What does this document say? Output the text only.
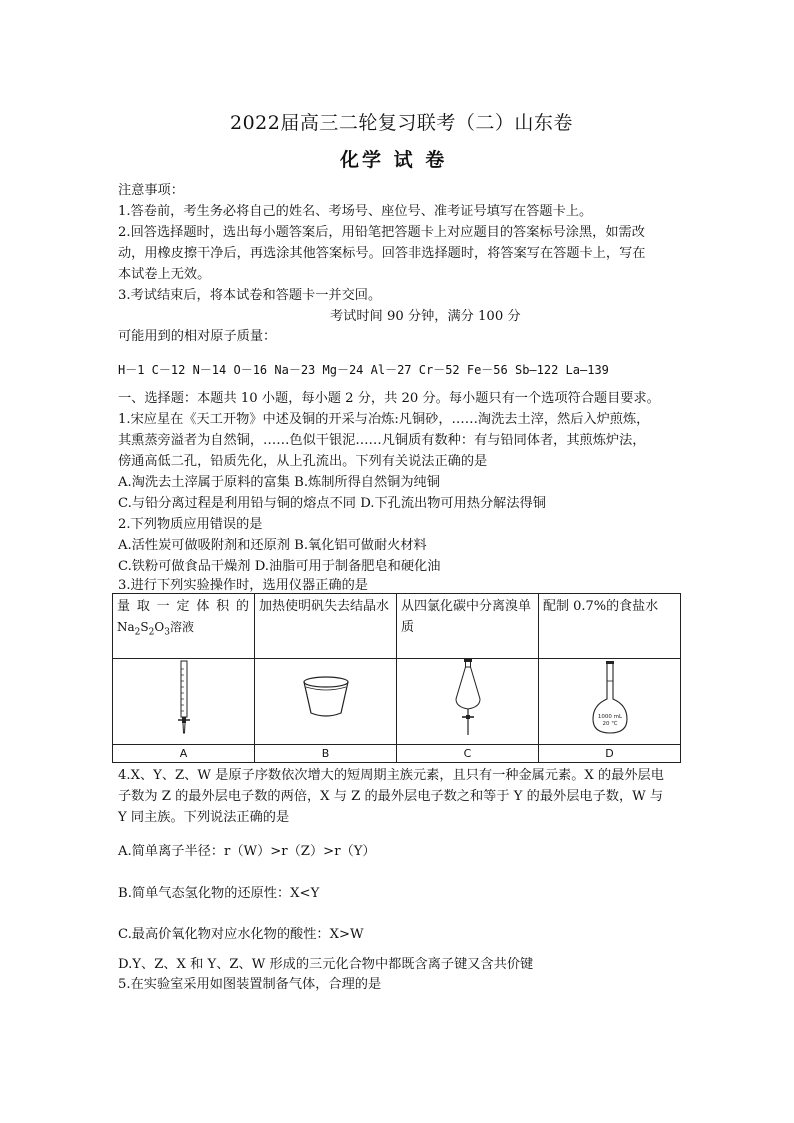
2022届高三二轮复习联考（二）山东卷
化学 试 卷
注意事项：
1.答卷前，考生务必将自己的姓名、考场号、座位号、准考证号填写在答题卡上。
2.回答选择题时，选出每小题答案后，用铅笔把答题卡上对应题目的答案标号涂黑，如需改
动，用橡皮擦干净后，再选涂其他答案标号。回答非选择题时，将答案写在答题卡上，写在
本试卷上无效。
3.考试结束后，将本试卷和答题卡一并交回。
考试时间 90 分钟，满分 100 分
可能用到的相对原子质量：
H－1 C－12 N－14 O－16 Na－23 Mg－24 Al－27 Cr－52 Fe－56 Sb—122 La—139
一、选择题：本题共 10 小题，每小题 2 分，共 20 分。每小题只有一个选项符合题目要求。
1.宋应星在《天工开物》中述及铜的开采与冶炼:凡铜砂，……淘洗去土滓，然后入炉煎炼，
其熏蒸旁溢者为自然铜，……色似干银泥……凡铜质有数种：有与铅同体者，其煎炼炉法，
傍通高低二孔，铅质先化，从上孔流出。下列有关说法正确的是
A.淘洗去土滓属于原料的富集 B.炼制所得自然铜为纯铜
C.与铅分离过程是利用铅与铜的熔点不同 D.下孔流出物可用热分解法得铜
2.下列物质应用错误的是
A.活性炭可做吸附剂和还原剂 B.氧化铝可做耐火材料
C.铁粉可做食品干燥剂 D.油脂可用于制备肥皂和硬化油
3.进行下列实验操作时，选用仪器正确的是
量取一定体积的
$Na_2S_2O_3$溶液	加热使明矾失去结晶水	从四氯化碳中分离溴单质	配制 0.7%的食盐水

1000 mL
20 ℃

A	B	C	D
4.X、Y、Z、W 是原子序数依次增大的短周期主族元素，且只有一种金属元素。X 的最外层电
子数为 Z 的最外层电子数的两倍，X 与 Z 的最外层电子数之和等于 Y 的最外层电子数，W 与
Y 同主族。下列说法正确的是
A.简单离子半径：r（W）>r（Z）>r（Y）
B.简单气态氢化物的还原性：X<Y
C.最高价氧化物对应水化物的酸性：X>W
D.Y、Z、X 和 Y、Z、W 形成的三元化合物中都既含离子键又含共价键
5.在实验室采用如图装置制备气体，合理的是
